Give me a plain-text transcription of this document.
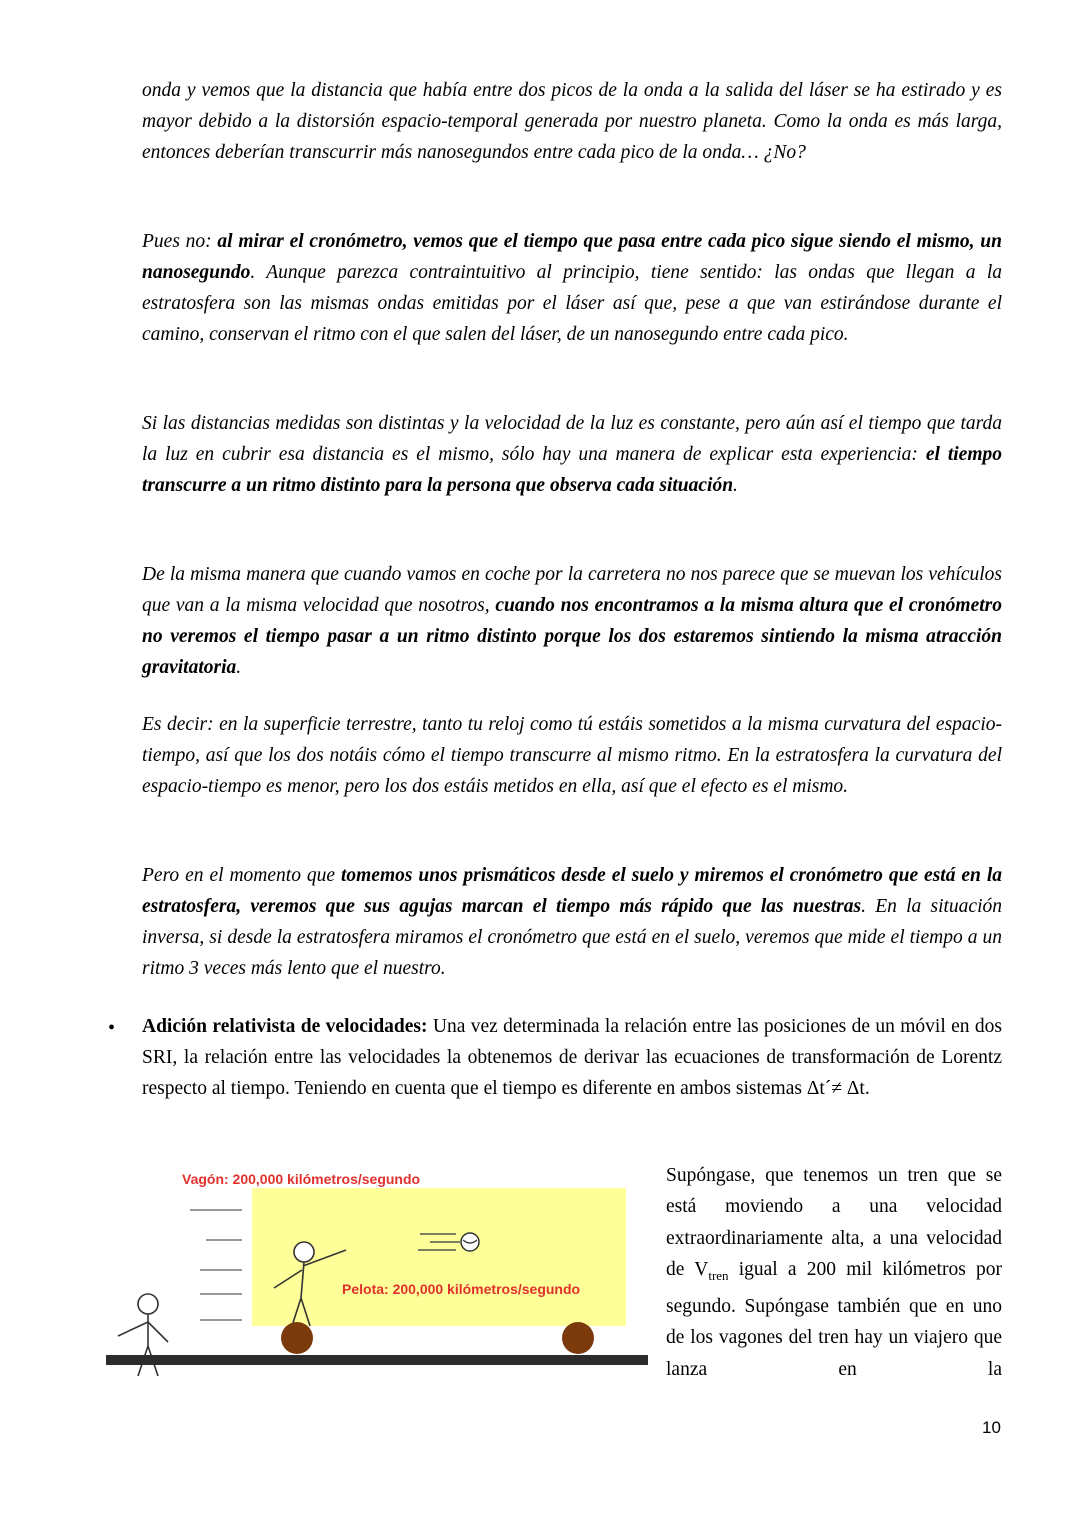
onda y vemos que la distancia que había entre dos picos de la onda a la salida del láser se ha estirado y es mayor debido a la distorsión espacio-temporal generada por nuestro planeta. Como la onda es más larga, entonces deberían transcurrir más nanosegundos entre cada pico de la onda… ¿No?

Pues no: al mirar el cronómetro, vemos que el tiempo que pasa entre cada pico sigue siendo el mismo, un nanosegundo. Aunque parezca contraintuitivo al principio, tiene sentido: las ondas que llegan a la estratosfera son las mismas ondas emitidas por el láser así que, pese a que van estirándose durante el camino, conservan el ritmo con el que salen del láser, de un nanosegundo entre cada pico.

Si las distancias medidas son distintas y la velocidad de la luz es constante, pero aún así el tiempo que tarda la luz en cubrir esa distancia es el mismo, sólo hay una manera de explicar esta experiencia: el tiempo transcurre a un ritmo distinto para la persona que observa cada situación.

De la misma manera que cuando vamos en coche por la carretera no nos parece que se muevan los vehículos que van a la misma velocidad que nosotros, cuando nos encontramos a la misma altura que el cronómetro no veremos el tiempo pasar a un ritmo distinto porque los dos estaremos sintiendo la misma atracción gravitatoria.

Es decir: en la superficie terrestre, tanto tu reloj como tú estáis sometidos a la misma curvatura del espacio-tiempo, así que los dos notáis cómo el tiempo transcurre al mismo ritmo. En la estratosfera la curvatura del espacio-tiempo es menor, pero los dos estáis metidos en ella, así que el efecto es el mismo.

Pero en el momento que tomemos unos prismáticos desde el suelo y miremos el cronómetro que está en la estratosfera, veremos que sus agujas marcan el tiempo más rápido que las nuestras. En la situación inversa, si desde la estratosfera miramos el cronómetro que está en el suelo, veremos que mide el tiempo a un ritmo 3 veces más lento que el nuestro.

• Adición relativista de velocidades: Una vez determinada la relación entre las posiciones de un móvil en dos SRI, la relación entre las velocidades la obtenemos de derivar las ecuaciones de transformación de Lorentz respecto al tiempo. Teniendo en cuenta que el tiempo es diferente en ambos sistemas Δt´≠ Δt.

Vagón: 200,000 kilómetros/segundo
Pelota: 200,000 kilómetros/segundo

Supóngase, que tenemos un tren que se está moviendo a una velocidad extraordinariamente alta, a una velocidad de $V_{tren}$ igual a 200 mil kilómetros por segundo. Supóngase también que en uno de los vagones del tren hay un viajero que lanza en la

10
